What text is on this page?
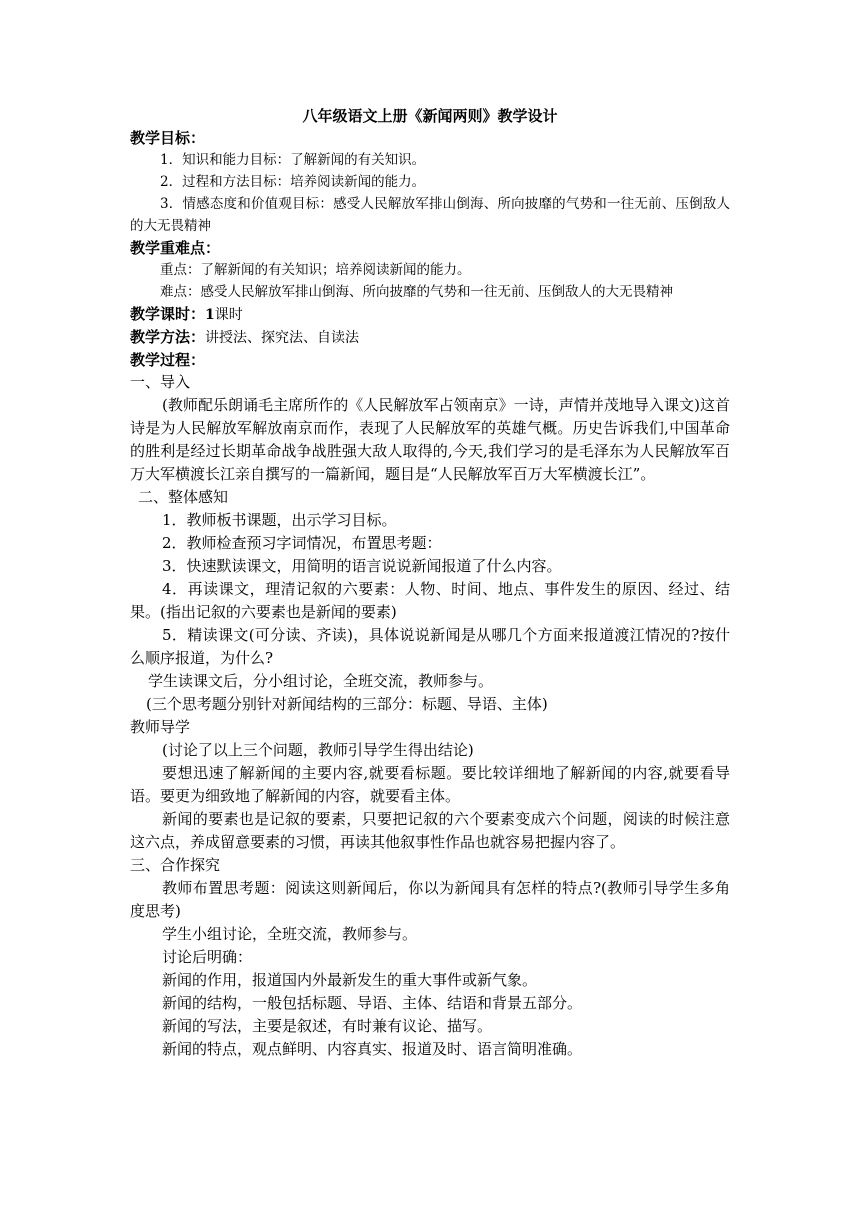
八年级语文上册《新闻两则》教学设计

教学目标：

1．知识和能力目标：了解新闻的有关知识。

2．过程和方法目标：培养阅读新闻的能力。

3．情感态度和价值观目标：感受人民解放军排山倒海、所向披靡的气势和一往无前、压倒敌人的大无畏精神

教学重难点：

重点：了解新闻的有关知识；培养阅读新闻的能力。

难点：感受人民解放军排山倒海、所向披靡的气势和一往无前、压倒敌人的大无畏精神

教学课时：1课时

教学方法：讲授法、探究法、自读法

教学过程：

一、导入

(教师配乐朗诵毛主席所作的《人民解放军占领南京》一诗，声情并茂地导入课文)这首诗是为人民解放军解放南京而作，表现了人民解放军的英雄气概。历史告诉我们,中国革命的胜利是经过长期革命战争战胜强大敌人取得的,今天,我们学习的是毛泽东为人民解放军百万大军横渡长江亲自撰写的一篇新闻，题目是“人民解放军百万大军横渡长江”。

二、整体感知

1．教师板书课题，出示学习目标。

2．教师检查预习字词情况，布置思考题：

3．快速默读课文，用简明的语言说说新闻报道了什么内容。

4．再读课文，理清记叙的六要素：人物、时间、地点、事件发生的原因、经过、结果。(指出记叙的六要素也是新闻的要素)

5．精读课文(可分读、齐读)，具体说说新闻是从哪几个方面来报道渡江情况的?按什么顺序报道，为什么?

学生读课文后，分小组讨论，全班交流，教师参与。

(三个思考题分别针对新闻结构的三部分：标题、导语、主体)

教师导学

(讨论了以上三个问题，教师引导学生得出结论)

要想迅速了解新闻的主要内容,就要看标题。要比较详细地了解新闻的内容,就要看导语。要更为细致地了解新闻的内容，就要看主体。

新闻的要素也是记叙的要素，只要把记叙的六个要素变成六个问题，阅读的时候注意这六点，养成留意要素的习惯，再读其他叙事性作品也就容易把握内容了。

三、合作探究

教师布置思考题：阅读这则新闻后，你以为新闻具有怎样的特点?(教师引导学生多角度思考)

学生小组讨论，全班交流，教师参与。

讨论后明确：

新闻的作用，报道国内外最新发生的重大事件或新气象。

新闻的结构，一般包括标题、导语、主体、结语和背景五部分。

新闻的写法，主要是叙述，有时兼有议论、描写。

新闻的特点，观点鲜明、内容真实、报道及时、语言简明准确。
